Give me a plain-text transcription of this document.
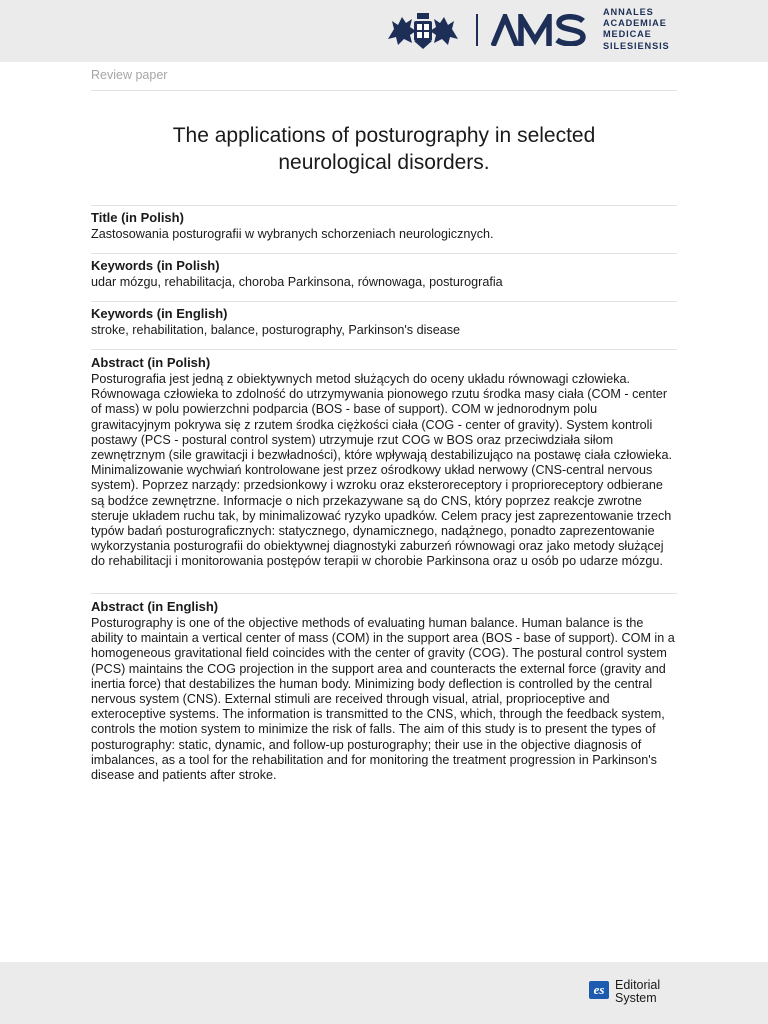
ANNALES
ACADEMIAE
MEDICAE
SILESIENSIS
Review paper
The applications of posturography in selected
neurological disorders.
Title (in Polish)
Zastosowania posturografii w wybranych schorzeniach neurologicznych.
Keywords (in Polish)
udar mózgu, rehabilitacja, choroba Parkinsona, równowaga, posturografia
Keywords (in English)
stroke, rehabilitation, balance, posturography, Parkinson's disease
Abstract (in Polish)
Posturografia jest jedną z obiektywnych metod służących do oceny układu równowagi człowieka. Równowaga człowieka to zdolność do utrzymywania pionowego rzutu środka masy ciała (COM - center of mass) w polu powierzchni podparcia (BOS - base of support). COM w jednorodnym polu grawitacyjnym pokrywa się z rzutem środka ciężkości ciała (COG - center of gravity). System kontroli postawy (PCS - postural control system) utrzymuje rzut COG w BOS oraz przeciwdziała siłom zewnętrznym (sile grawitacji i bezwładności), które wpływają destabilizująco na postawę ciała człowieka. Minimalizowanie wychwiań kontrolowane jest przez ośrodkowy układ nerwowy (CNS-central nervous system). Poprzez narządy: przedsionkowy i wzroku oraz eksteroreceptory i proprioreceptory odbierane są bodźce zewnętrzne. Informacje o nich przekazywane są do CNS, który poprzez reakcje zwrotne steruje układem ruchu tak, by minimalizować ryzyko upadków. Celem pracy jest zaprezentowanie trzech typów badań posturograficznych: statycznego, dynamicznego, nadążnego, ponadto zaprezentowanie wykorzystania posturografii do obiektywnej diagnostyki zaburzeń równowagi oraz jako metody służącej do rehabilitacji i monitorowania postępów terapii w chorobie Parkinsona oraz u osób po udarze mózgu.
Abstract (in English)
Posturography is one of the objective methods of evaluating human balance. Human balance is the ability to maintain a vertical center of mass (COM) in the support area (BOS - base of support). COM in a homogeneous gravitational field coincides with the center of gravity (COG). The postural control system (PCS) maintains the COG projection in the support area and counteracts the external force (gravity and inertia force) that destabilizes the human body. Minimizing body deflection is controlled by the central nervous system (CNS). External stimuli are received through visual, atrial, proprioceptive and exteroceptive systems. The information is transmitted to the CNS, which, through the feedback system, controls the motion system to minimize the risk of falls. The aim of this study is to present the types of posturography: static, dynamic, and follow-up posturography; their use in the objective diagnosis of imbalances, as a tool for the rehabilitation and for monitoring the treatment progression in Parkinson's disease and patients after stroke.
es Editorial
System
